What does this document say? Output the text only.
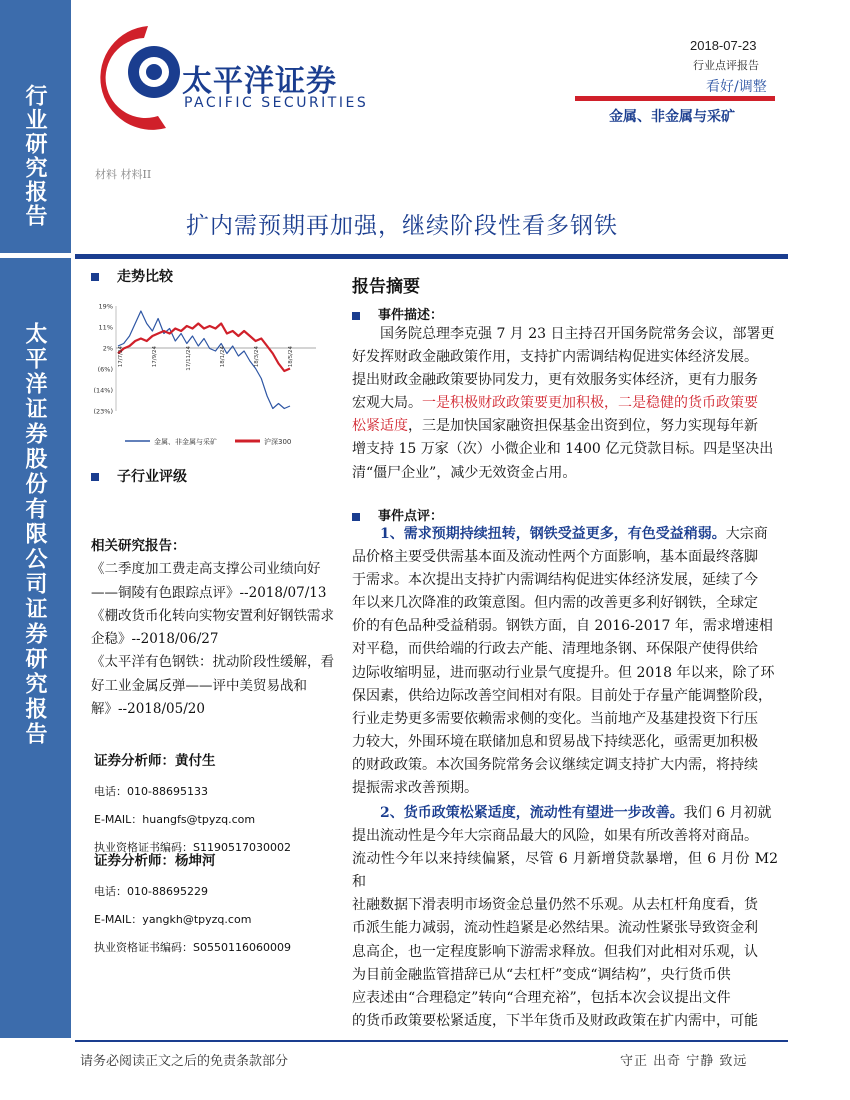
行业研究报告
太平洋证券股份有限公司证券研究报告
太平洋证券
PACIFIC SECURITIES
2018-07-23
行业点评报告
看好/调整
金属、非金属与采矿
材料 材料II
扩内需预期再加强，继续阶段性看多钢铁
走势比较
19%
11%
2%
(6%)
(14%)
(23%)
17/7/24	17/9/24	17/11/24	18/1/24	18/3/24	18/5/24
金属、非金属与采矿	沪深300
子行业评级

相关研究报告：

《二季度加工费走高支撑公司业绩向好——铜陵有色跟踪点评》--2018/07/13

《棚改货币化转向实物安置利好钢铁需求企稳》--2018/06/27

《太平洋有色钢铁：扰动阶段性缓解，看好工业金属反弹——评中美贸易战和解》--2018/05/20

证券分析师：黄付生
电话：010-88695133
E-MAIL：huangfs@tpyzq.com
执业资格证书编码：S1190517030002
证券分析师：杨坤河
电话：010-88695229
E-MAIL：yangkh@tpyzq.com
执业资格证书编码：S0550116060009
报告摘要
事件描述：
国务院总理李克强 7 月 23 日主持召开国务院常务会议，部署更
好发挥财政金融政策作用，支持扩内需调结构促进实体经济发展。
提出财政金融政策要协同发力，更有效服务实体经济，更有力服务
宏观大局。一是积极财政政策要更加积极，二是稳健的货币政策要
松紧适度，三是加快国家融资担保基金出资到位，努力实现每年新
增支持 15 万家（次）小微企业和 1400 亿元贷款目标。四是坚决出
清“僵尸企业”，减少无效资金占用。
事件点评：
1、需求预期持续扭转，钢铁受益更多，有色受益稍弱。大宗商
品价格主要受供需基本面及流动性两个方面影响，基本面最终落脚
于需求。本次提出支持扩内需调结构促进实体经济发展，延续了今
年以来几次降准的政策意图。但内需的改善更多利好钢铁，全球定
价的有色品种受益稍弱。钢铁方面，自 2016-2017 年，需求增速相
对平稳，而供给端的行政去产能、清理地条钢、环保限产使得供给
边际收缩明显，进而驱动行业景气度提升。但 2018 年以来，除了环
保因素，供给边际改善空间相对有限。目前处于存量产能调整阶段，
行业走势更多需要依赖需求侧的变化。当前地产及基建投资下行压
力较大，外围环境在联储加息和贸易战下持续恶化，亟需更加积极
的财政政策。本次国务院常务会议继续定调支持扩大内需，将持续
提振需求改善预期。
2、货币政策松紧适度，流动性有望进一步改善。我们 6 月初就
提出流动性是今年大宗商品最大的风险，如果有所改善将对商品。
流动性今年以来持续偏紧，尽管 6 月新增贷款暴增，但 6 月份 M2 和
社融数据下滑表明市场资金总量仍然不乐观。从去杠杆角度看，货
币派生能力减弱，流动性趋紧是必然结果。流动性紧张导致资金利
息高企，也一定程度影响下游需求释放。但我们对此相对乐观，认
为目前金融监管措辞已从“去杠杆”变成“调结构”，央行货币供
应表述由“合理稳定”转向“合理充裕”，包括本次会议提出文件
的货币政策要松紧适度，下半年货币及财政政策在扩内需中，可能
请务必阅读正文之后的免责条款部分	守正 出奇 宁静 致远
